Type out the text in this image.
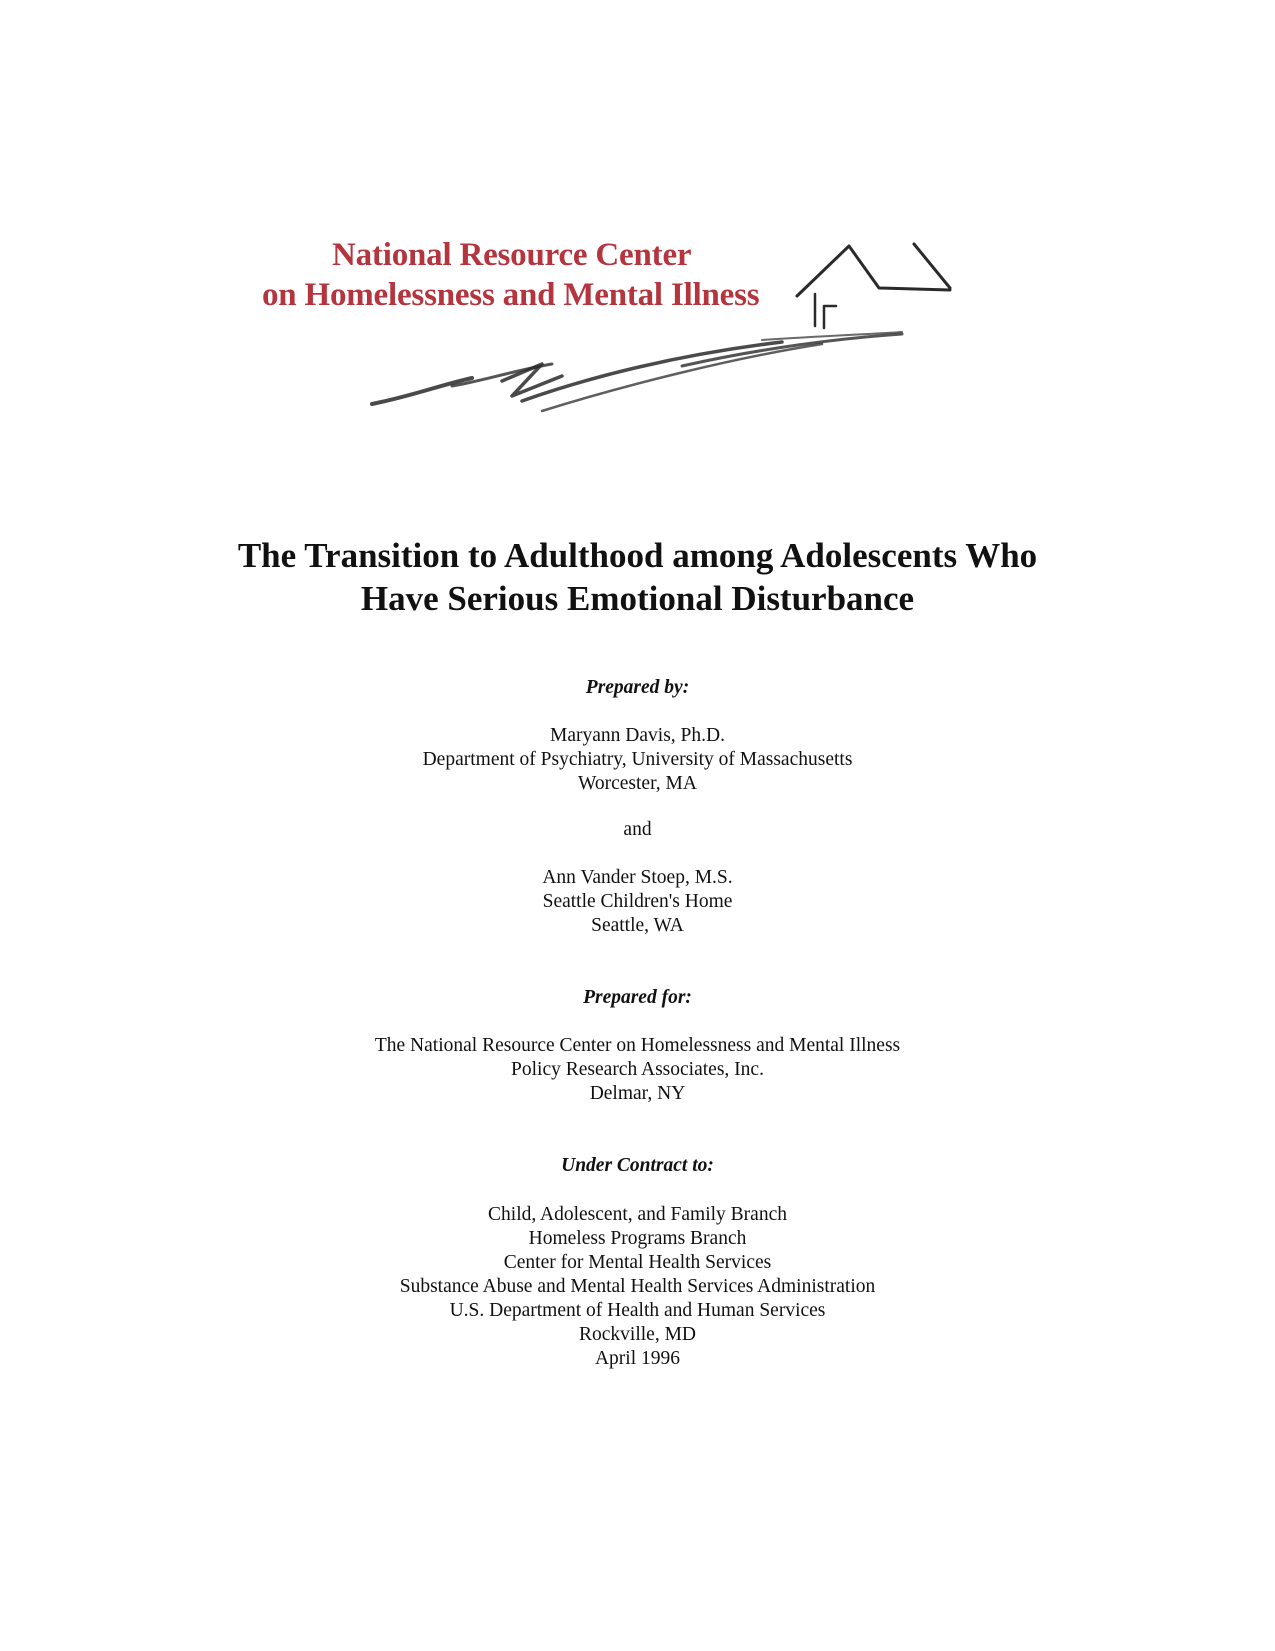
National Resource Center
on Homelessness and Mental Illness
The Transition to Adulthood among Adolescents Who
Have Serious Emotional Disturbance
Prepared by:
Maryann Davis, Ph.D.
Department of Psychiatry, University of Massachusetts
Worcester, MA
and
Ann Vander Stoep, M.S.
Seattle Children's Home
Seattle, WA
Prepared for:
The National Resource Center on Homelessness and Mental Illness
Policy Research Associates, Inc.
Delmar, NY
Under Contract to:
Child, Adolescent, and Family Branch
Homeless Programs Branch
Center for Mental Health Services
Substance Abuse and Mental Health Services Administration
U.S. Department of Health and Human Services
Rockville, MD
April 1996
